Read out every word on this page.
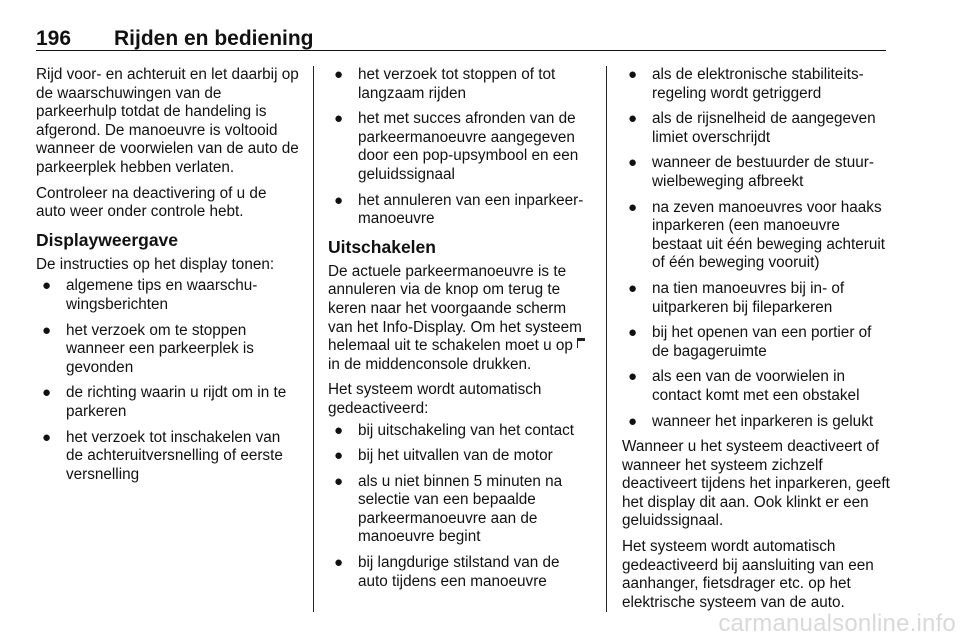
196 Rijden en bediening

Rijd voor- en achteruit en let daarbij op de waarschuwingen van de parkeerhulp totdat de handeling is afgerond. De manoeuvre is voltooid wanneer de voorwielen van de auto de parkeerplek hebben verlaten.

Controleer na deactivering of u de auto weer onder controle hebt.

Displayweergave

De instructies op het display tonen:

● algemene tips en waarschuwingsberichten
● het verzoek om te stoppen wanneer een parkeerplek is gevonden
● de richting waarin u rijdt om in te parkeren
● het verzoek tot inschakelen van de achteruitversnelling of eerste versnelling
● het verzoek tot stoppen of tot langzaam rijden
● het met succes afronden van de parkeermanoeuvre aangegeven door een pop-upsymbool en een geluidssignaal
● het annuleren van een inparkeermanoeuvre
Uitschakelen

De actuele parkeermanoeuvre is te annuleren via de knop om terug te keren naar het voorgaande scherm van het Info-Display. Om het systeem helemaal uit te schakelen moet u op  in de middenconsole drukken.

Het systeem wordt automatisch gedeactiveerd:

● bij uitschakeling van het contact
● bij het uitvallen van de motor
● als u niet binnen 5 minuten na selectie van een bepaalde parkeermanoeuvre aan de manoeuvre begint
● bij langdurige stilstand van de auto tijdens een manoeuvre
● als de elektronische stabiliteitsregeling wordt getriggerd
● als de rijsnelheid de aangegeven limiet overschrijdt
● wanneer de bestuurder de stuurwielbeweging afbreekt
● na zeven manoeuvres voor haaks inparkeren (een manoeuvre bestaat uit één beweging achteruit of één beweging vooruit)
● na tien manoeuvres bij in- of uitparkeren bij fileparkeren
● bij het openen van een portier of de bagageruimte
● als een van de voorwielen in contact komt met een obstakel
● wanneer het inparkeren is gelukt

Wanneer u het systeem deactiveert of wanneer het systeem zichzelf deactiveert tijdens het inparkeren, geeft het display dit aan. Ook klinkt er een geluidssignaal.

Het systeem wordt automatisch gedeactiveerd bij aansluiting van een aanhanger, fietsdrager etc. op het elektrische systeem van de auto.

carmanualsonline.info
